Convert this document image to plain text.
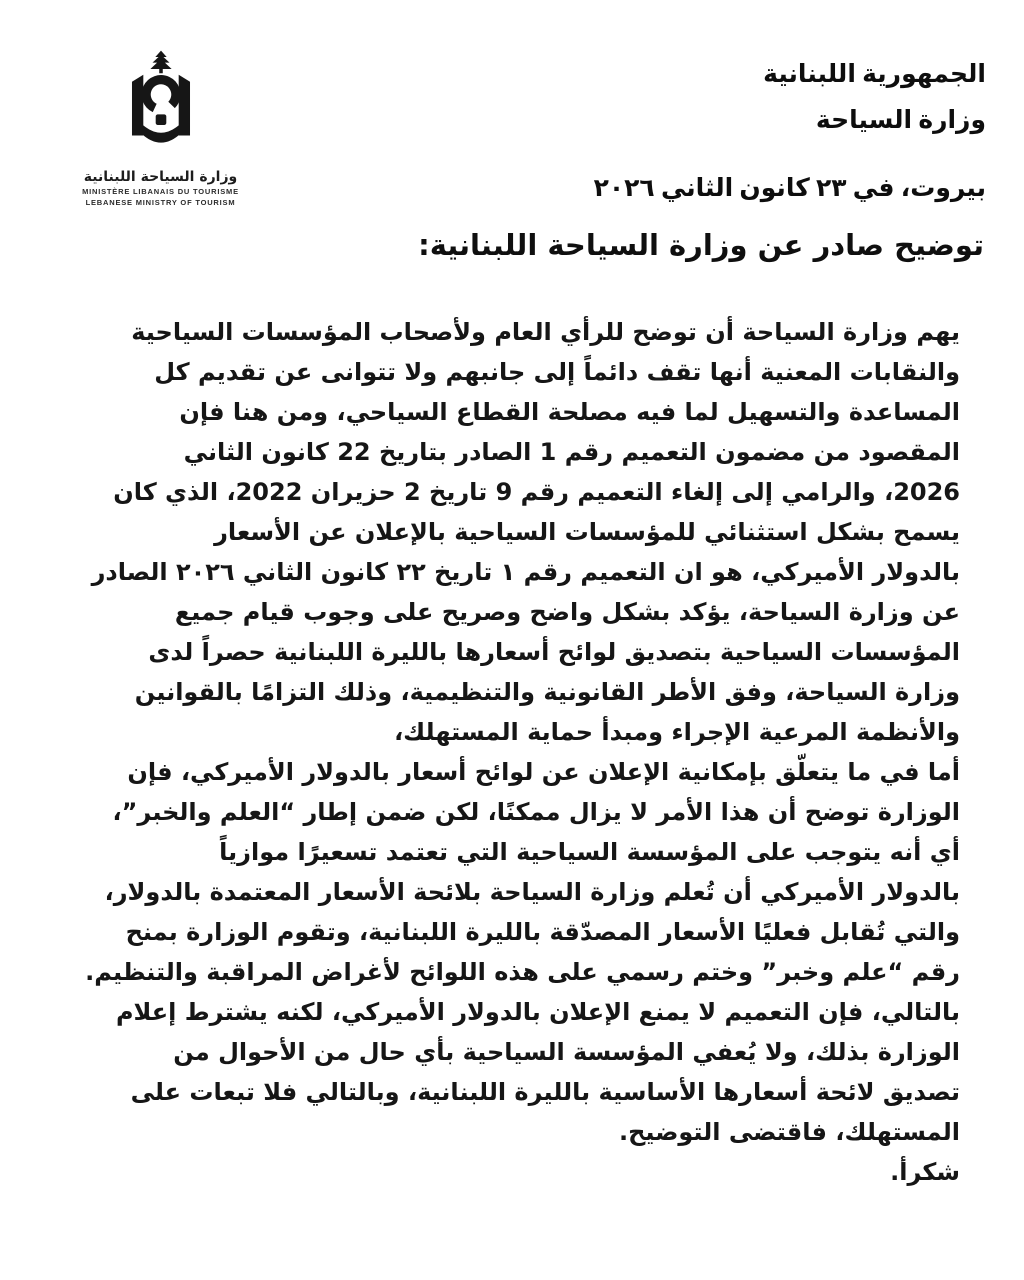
وزارة السياحة اللبنانية
MINISTÈRE LIBANAIS DU TOURISME
LEBANESE MINISTRY OF TOURISM
الجمهورية اللبنانية
وزارة السياحة
بيروت، في ٢٣ كانون الثاني ٢٠٢٦
توضيح صادر عن وزارة السياحة اللبنانية:
يهم وزارة السياحة أن توضح للرأي العام ولأصحاب المؤسسات السياحية
والنقابات المعنية أنها تقف دائماً إلى جانبهم ولا تتوانى عن تقديم كل
المساعدة والتسهيل لما فيه مصلحة القطاع السياحي، ومن هنا فإن
المقصود من مضمون التعميم رقم 1 الصادر بتاريخ 22 كانون الثاني
2026، والرامي إلى إلغاء التعميم رقم 9 تاريخ 2 حزيران 2022، الذي كان
يسمح بشكل استثنائي للمؤسسات السياحية بالإعلان عن الأسعار
بالدولار الأميركي، هو ان التعميم رقم ١ تاريخ ٢٢ كانون الثاني ٢٠٢٦ الصادر
عن وزارة السياحة، يؤكد بشكل واضح وصريح على وجوب قيام جميع
المؤسسات السياحية بتصديق لوائح أسعارها بالليرة اللبنانية حصراً لدى
وزارة السياحة، وفق الأطر القانونية والتنظيمية، وذلك التزامًا بالقوانين
والأنظمة المرعية الإجراء ومبدأ حماية المستهلك،
أما في ما يتعلّق بإمكانية الإعلان عن لوائح أسعار بالدولار الأميركي، فإن
الوزارة توضح أن هذا الأمر لا يزال ممكنًا، لكن ضمن إطار “العلم والخبر”،
أي أنه يتوجب على المؤسسة السياحية التي تعتمد تسعيرًا موازياً
بالدولار الأميركي أن تُعلم وزارة السياحة بلائحة الأسعار المعتمدة بالدولار،
والتي تُقابل فعليًا الأسعار المصدّقة بالليرة اللبنانية، وتقوم الوزارة بمنح
رقم “علم وخبر” وختم رسمي على هذه اللوائح لأغراض المراقبة والتنظيم.
بالتالي، فإن التعميم لا يمنع الإعلان بالدولار الأميركي، لكنه يشترط إعلام
الوزارة بذلك، ولا يُعفي المؤسسة السياحية بأي حال من الأحوال من
تصديق لائحة أسعارها الأساسية بالليرة اللبنانية، وبالتالي فلا تبعات على
المستهلك، فاقتضى التوضيح.
شكرأ.
